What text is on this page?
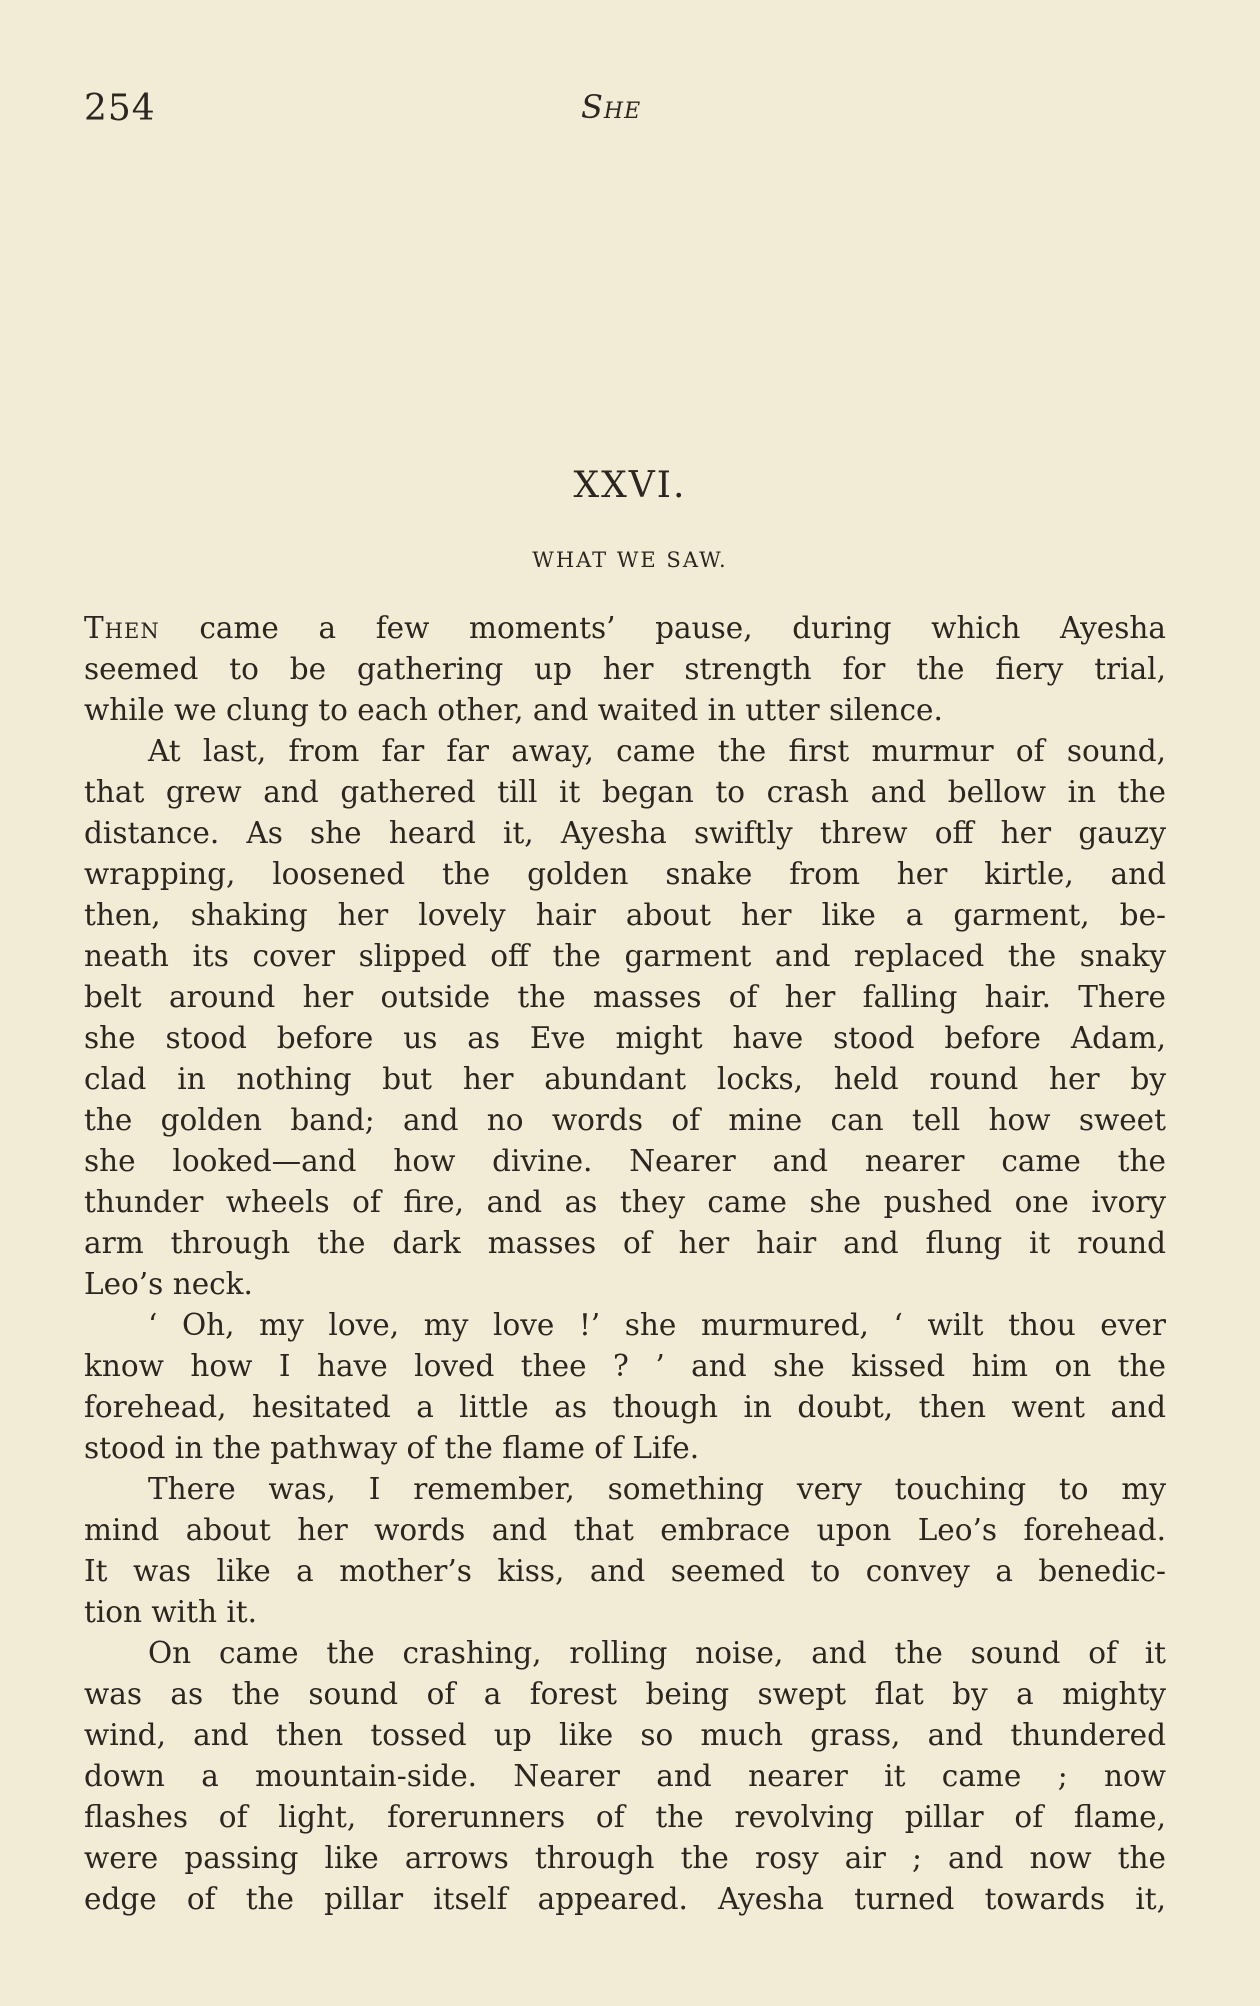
254	She
XXVI.
WHAT WE SAW.
Then came a few moments’ pause, during which Ayesha
seemed to be gathering up her strength for the fiery trial,
while we clung to each other, and waited in utter silence.
At last, from far far away, came the first murmur of sound,
that grew and gathered till it began to crash and bellow in the
distance. As she heard it, Ayesha swiftly threw off her gauzy
wrapping, loosened the golden snake from her kirtle, and
then, shaking her lovely hair about her like a garment, be-
neath its cover slipped off the garment and replaced the snaky
belt around her outside the masses of her falling hair. There
she stood before us as Eve might have stood before Adam,
clad in nothing but her abundant locks, held round her by
the golden band; and no words of mine can tell how sweet
she looked—and how divine. Nearer and nearer came the
thunder wheels of fire, and as they came she pushed one ivory
arm through the dark masses of her hair and flung it round
Leo’s neck.
‘ Oh, my love, my love !’ she murmured, ‘ wilt thou ever
know how I have loved thee ? ’ and she kissed him on the
forehead, hesitated a little as though in doubt, then went and
stood in the pathway of the flame of Life.
There was, I remember, something very touching to my
mind about her words and that embrace upon Leo’s forehead.
It was like a mother’s kiss, and seemed to convey a benedic-
tion with it.
On came the crashing, rolling noise, and the sound of it
was as the sound of a forest being swept flat by a mighty
wind, and then tossed up like so much grass, and thundered
down a mountain-side. Nearer and nearer it came ; now
flashes of light, forerunners of the revolving pillar of flame,
were passing like arrows through the rosy air ; and now the
edge of the pillar itself appeared. Ayesha turned towards it,
